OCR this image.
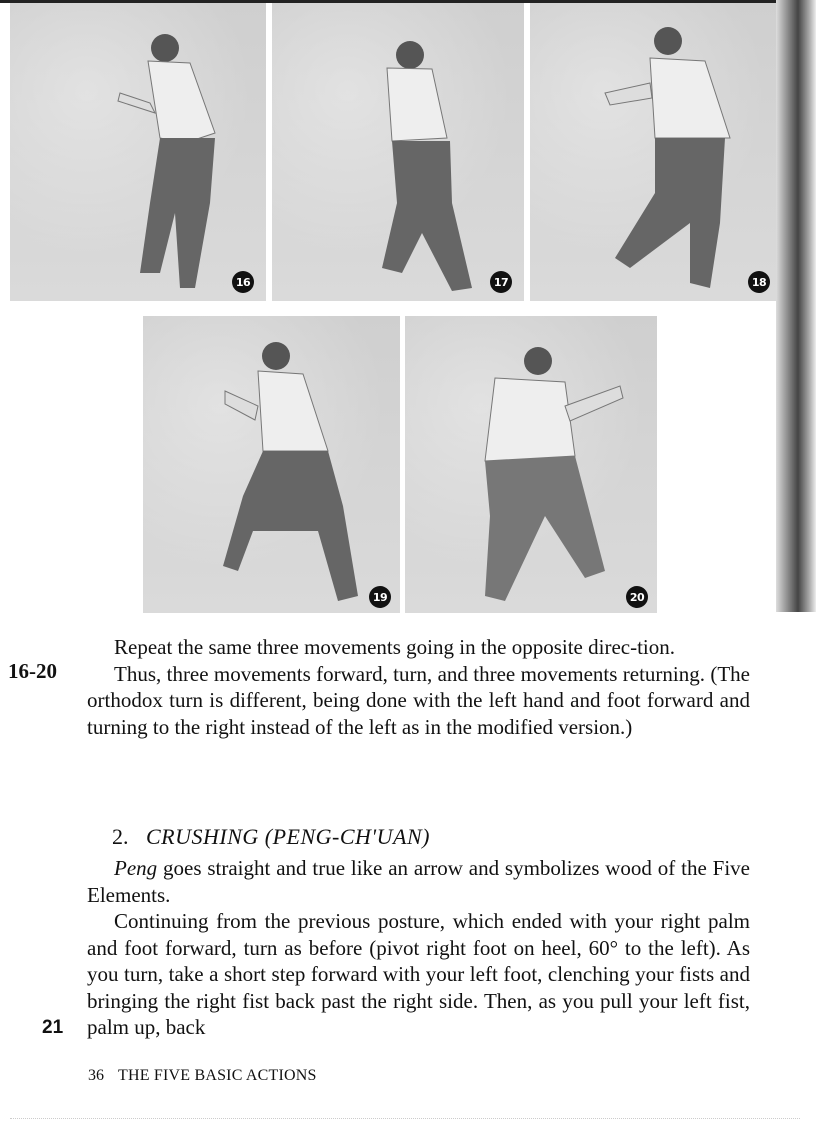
16	17	18
19	20
16-20
21

Repeat the same three movements going in the opposite direc-tion.

Thus, three movements forward, turn, and three movements returning. (The orthodox turn is different, being done with the left hand and foot forward and turning to the right instead of the left as in the modified version.)

2. CRUSHING (PENG-CH'UAN)

Peng goes straight and true like an arrow and symbolizes wood of the Five Elements.

Continuing from the previous posture, which ended with your right palm and foot forward, turn as before (pivot right foot on heel, 60° to the left). As you turn, take a short step forward with your left foot, clenching your fists and bringing the right fist back past the right side. Then, as you pull your left fist, palm up, back

36 THE FIVE BASIC ACTIONS
